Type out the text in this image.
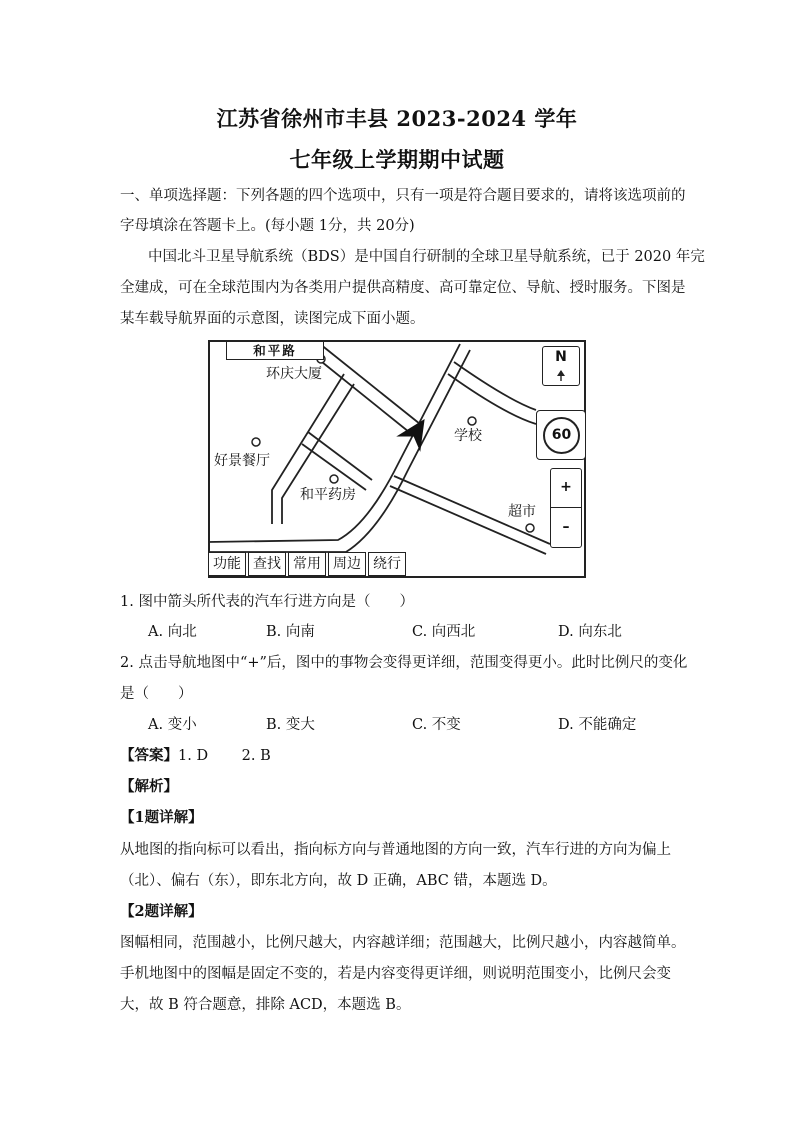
江苏省徐州市丰县 2023-2024 学年
七年级上学期期中试题
一、单项选择题：下列各题的四个选项中，只有一项是符合题目要求的，请将该选项前的
字母填涂在答题卡上。(每小题 1分，共 20分)
中国北斗卫星导航系统（BDS）是中国自行研制的全球卫星导航系统，已于 2020 年完
全建成，可在全球范围内为各类用户提供高精度、高可靠定位、导航、授时服务。下图是
某车载导航界面的示意图，读图完成下面小题。
和平路
环庆大厦
学校
好景餐厅
和平药房
超市
N
60
+
–
功能 查找 常用 周边 绕行
1. 图中箭头所代表的汽车行进方向是（　　）
A. 向北	B. 向南	C. 向西北	D. 向东北
2. 点击导航地图中“+”后，图中的事物会变得更详细，范围变得更小。此时比例尺的变化
是（　　）
A. 变小	B. 变大	C. 不变	D. 不能确定
【答案】1. D　　 2. B
【解析】
【1题详解】
从地图的指向标可以看出，指向标方向与普通地图的方向一致，汽车行进的方向为偏上
（北）、偏右（东），即东北方向，故 D 正确，ABC 错，本题选 D。
【2题详解】
图幅相同，范围越小，比例尺越大，内容越详细；范围越大，比例尺越小，内容越简单。
手机地图中的图幅是固定不变的，若是内容变得更详细，则说明范围变小，比例尺会变
大，故 B 符合题意，排除 ACD，本题选 B。
